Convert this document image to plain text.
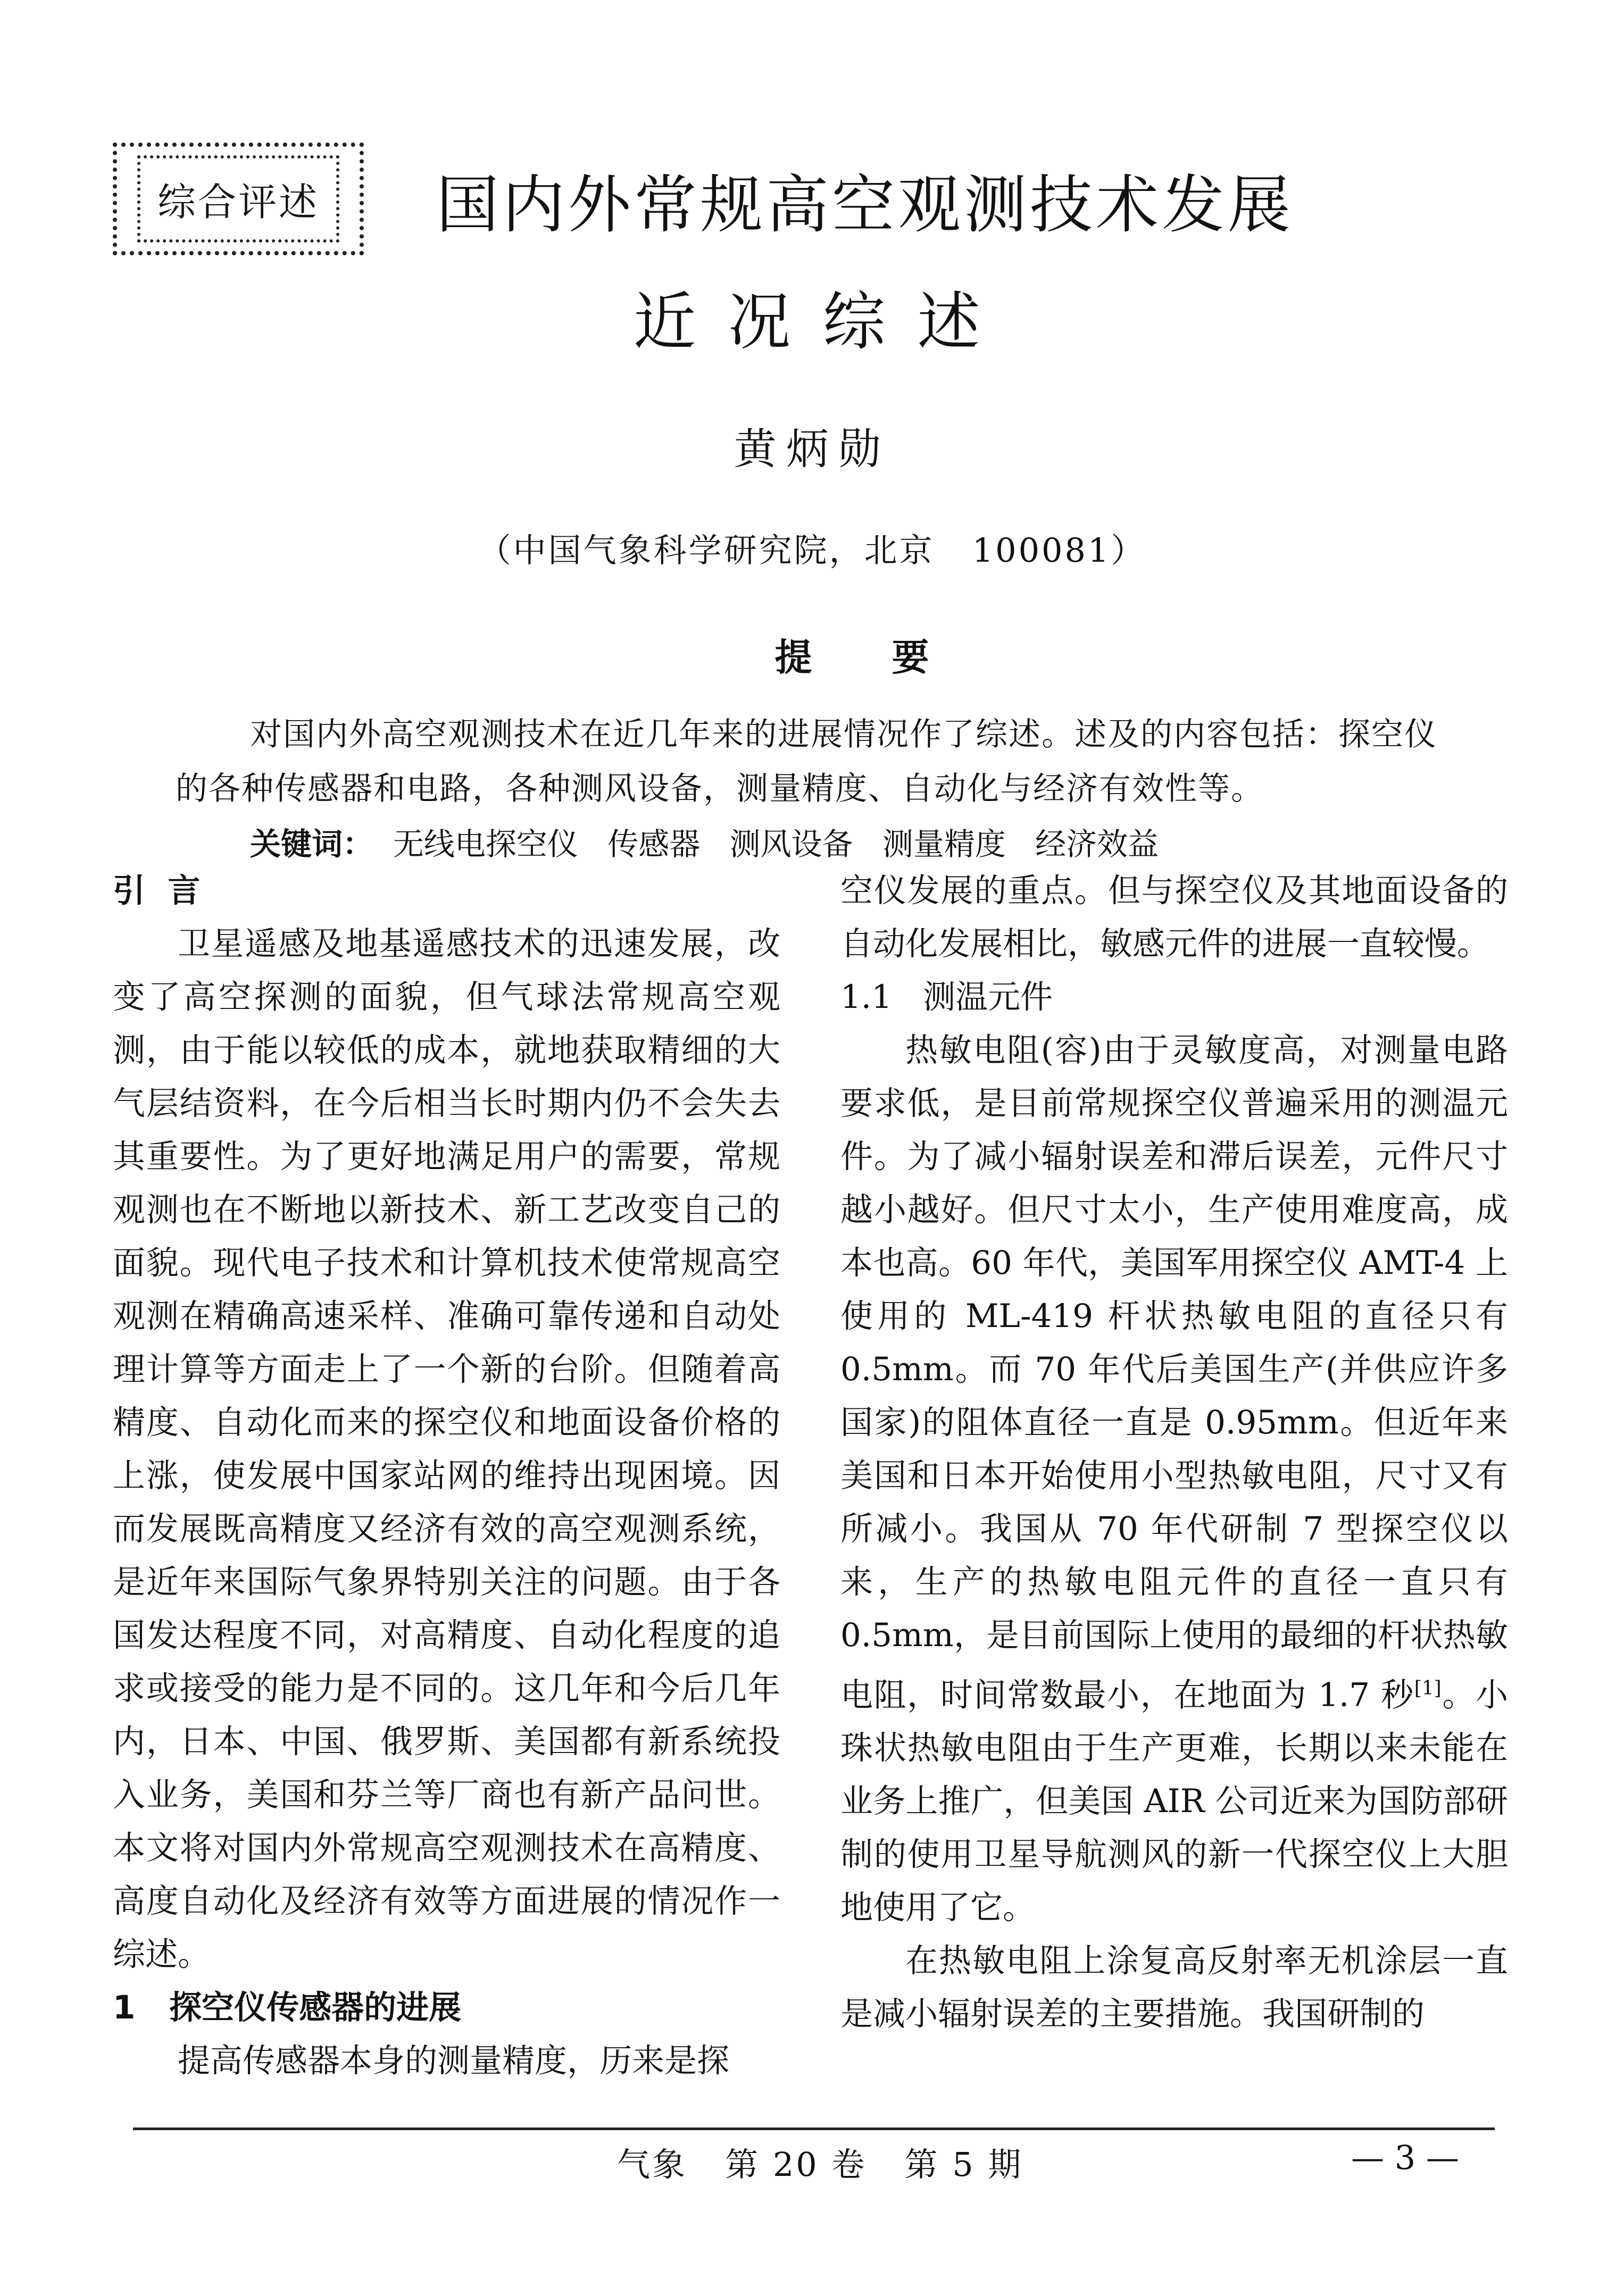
综合评述	国内外常规高空观测技术发展
近况综述
黄炳勋
（中国气象科学研究院，北京   100081）
提要
对国内外高空观测技术在近几年来的进展情况作了综述。述及的内容包括：探空仪的各种传感器和电路，各种测风设备，测量精度、自动化与经济有效性等。
关键词：  无线电探空仪   传感器   测风设备   测量精度   经济效益

引  言

卫星遥感及地基遥感技术的迅速发展，改变了高空探测的面貌，但气球法常规高空观测，由于能以较低的成本，就地获取精细的大气层结资料，在今后相当长时期内仍不会失去其重要性。为了更好地满足用户的需要，常规观测也在不断地以新技术、新工艺改变自己的面貌。现代电子技术和计算机技术使常规高空观测在精确高速采样、准确可靠传递和自动处理计算等方面走上了一个新的台阶。但随着高精度、自动化而来的探空仪和地面设备价格的上涨，使发展中国家站网的维持出现困境。因而发展既高精度又经济有效的高空观测系统，是近年来国际气象界特别关注的问题。由于各国发达程度不同，对高精度、自动化程度的追求或接受的能力是不同的。这几年和今后几年内，日本、中国、俄罗斯、美国都有新系统投入业务，美国和芬兰等厂商也有新产品问世。本文将对国内外常规高空观测技术在高精度、高度自动化及经济有效等方面进展的情况作一综述。

1   探空仪传感器的进展

提高传感器本身的测量精度，历来是探

空仪发展的重点。但与探空仪及其地面设备的自动化发展相比，敏感元件的进展一直较慢。

1.1   测温元件

热敏电阻(容)由于灵敏度高，对测量电路要求低，是目前常规探空仪普遍采用的测温元件。为了减小辐射误差和滞后误差，元件尺寸越小越好。但尺寸太小，生产使用难度高，成本也高。60 年代，美国军用探空仪 AMT-4 上使用的 ML-419 杆状热敏电阻的直径只有 0.5mm。而 70 年代后美国生产(并供应许多国家)的阻体直径一直是 0.95mm。但近年来美国和日本开始使用小型热敏电阻，尺寸又有所减小。我国从 70 年代研制 7 型探空仪以来，生产的热敏电阻元件的直径一直只有 0.5mm，是目前国际上使用的最细的杆状热敏电阻，时间常数最小，在地面为 1.7 秒[1]。小珠状热敏电阻由于生产更难，长期以来未能在业务上推广，但美国 AIR 公司近来为国防部研制的使用卫星导航测风的新一代探空仪上大胆地使用了它。

在热敏电阻上涂复高反射率无机涂层一直是减小辐射误差的主要措施。我国研制的

气象   第 20 卷   第 5 期	— 3 —
